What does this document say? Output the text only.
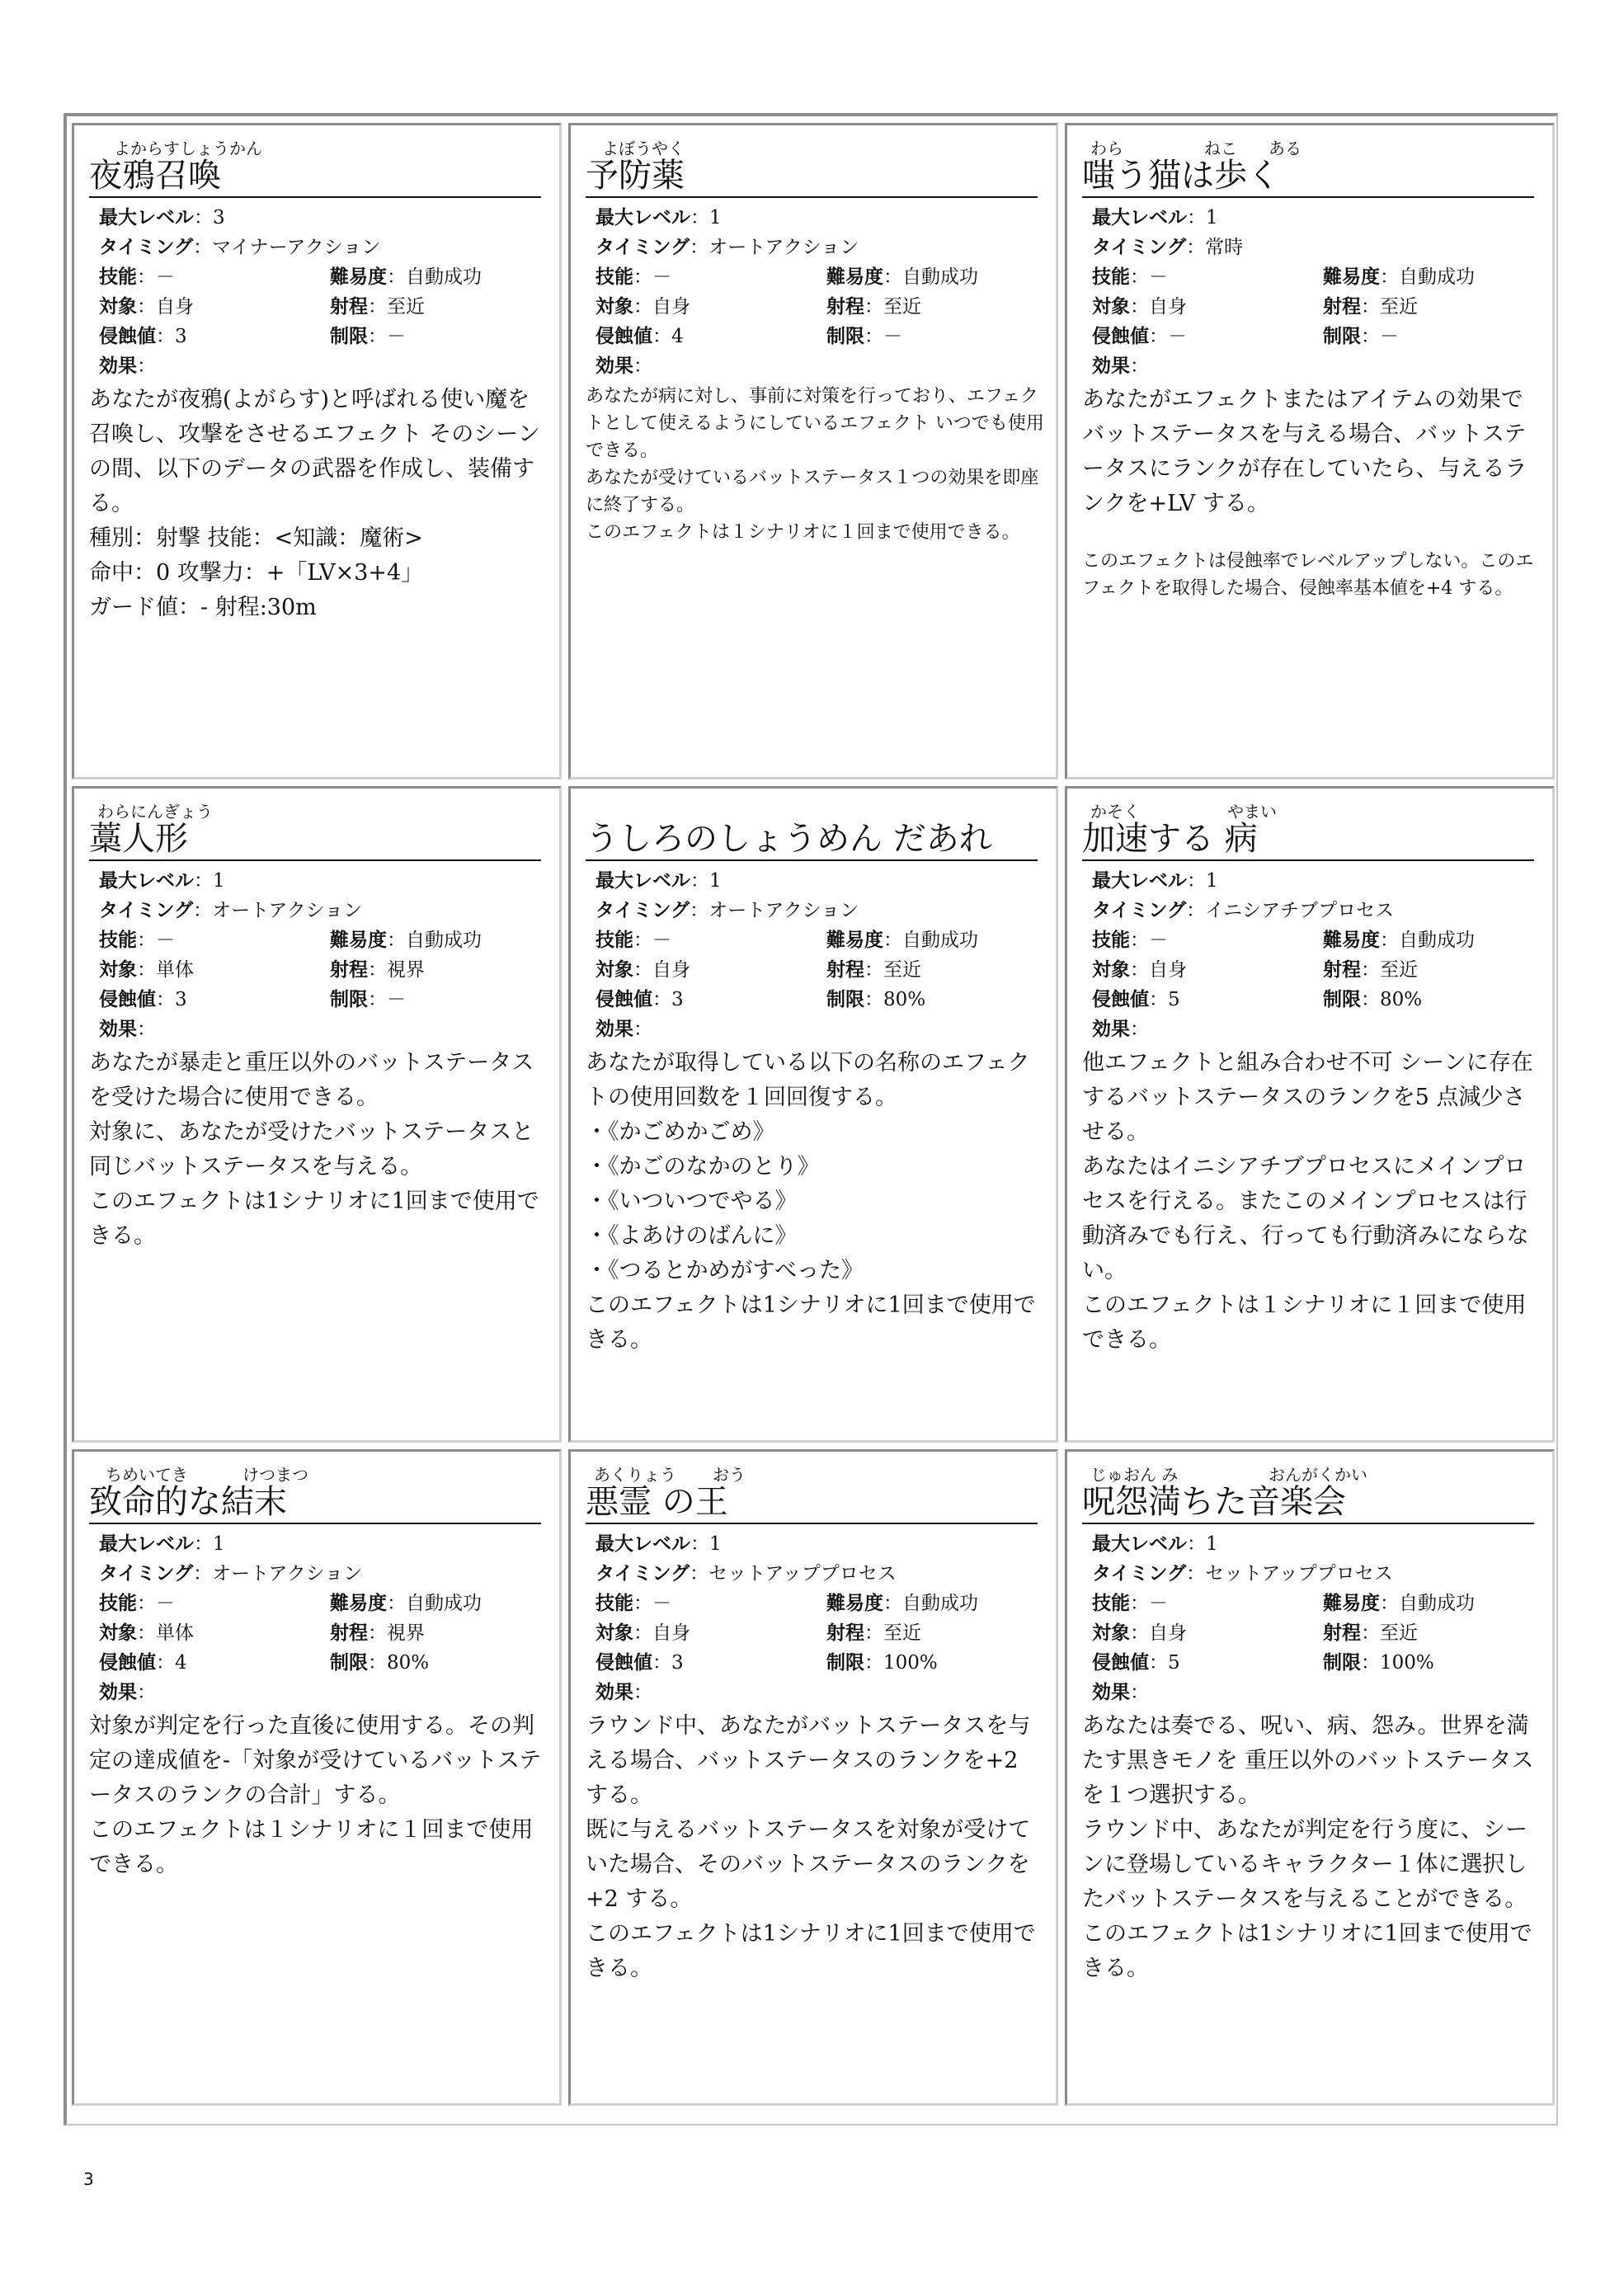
よからすしょうかん
夜鴉召喚
最大レベル：3
タイミング：マイナーアクション
技能：－	難易度：自動成功
対象：自身	射程：至近
侵蝕値：3	制限：－
効果：

あなたが夜鴉(よがらす)と呼ばれる使い魔を召喚し、攻撃をさせるエフェクト そのシーンの間、以下のデータの武器を作成し、装備する。

種別：射撃 技能：<知識：魔術>

命中：0 攻撃力：+「LV×3+4」

ガード値：- 射程:30m

よぼうやく
予防薬
最大レベル：1
タイミング：オートアクション
技能：－	難易度：自動成功
対象：自身	射程：至近
侵蝕値：4	制限：－
効果：

あなたが病に対し、事前に対策を行っており、エフェクトとして使えるようにしているエフェクト いつでも使用できる。

あなたが受けているバットステータス１つの効果を即座に終了する。

このエフェクトは１シナリオに１回まで使用できる。

わら	ねこ ある
嗤う猫は歩く
最大レベル：1
タイミング：常時
技能：－	難易度：自動成功
対象：自身	射程：至近
侵蝕値：－	制限：－
効果：

あなたがエフェクトまたはアイテムの効果でバットステータスを与える場合、バットステータスにランクが存在していたら、与えるランクを+LV する。

このエフェクトは侵蝕率でレベルアップしない。このエフェクトを取得した場合、侵蝕率基本値を+4 する。

わらにんぎょう
藁人形
最大レベル：1
タイミング：オートアクション
技能：－	難易度：自動成功
対象：単体	射程：視界
侵蝕値：3	制限：－
効果：

あなたが暴走と重圧以外のバットステータスを受けた場合に使用できる。

対象に、あなたが受けたバットステータスと同じバットステータスを与える。

このエフェクトは1シナリオに1回まで使用できる。

うしろのしょうめん だあれ
最大レベル：1
タイミング：オートアクション
技能：－	難易度：自動成功
対象：自身	射程：至近
侵蝕値：3	制限：80%
効果：

あなたが取得している以下の名称のエフェクトの使用回数を１回回復する。

・《かごめかごめ》

・《かごのなかのとり》

・《いついつでやる》

・《よあけのばんに》

・《つるとかめがすべった》

このエフェクトは1シナリオに1回まで使用できる。

かそく	やまい
加速する 病
最大レベル：1
タイミング：イニシアチブプロセス
技能：－	難易度：自動成功
対象：自身	射程：至近
侵蝕値：5	制限：80%
効果：

他エフェクトと組み合わせ不可 シーンに存在するバットステータスのランクを5 点減少させる。

あなたはイニシアチブプロセスにメインプロセスを行える。またこのメインプロセスは行動済みでも行え、行っても行動済みにならない。

このエフェクトは１シナリオに１回まで使用できる。

ちめいてき	けつまつ
致命的な結末
最大レベル：1
タイミング：オートアクション
技能：－	難易度：自動成功
対象：単体	射程：視界
侵蝕値：4	制限：80%
効果：

対象が判定を行った直後に使用する。その判定の達成値を-「対象が受けているバットステータスのランクの合計」する。

このエフェクトは１シナリオに１回まで使用できる。

あくりょう おう
悪霊 の王
最大レベル：1
タイミング：セットアッププロセス
技能：－	難易度：自動成功
対象：自身	射程：至近
侵蝕値：3	制限：100%
効果：

ラウンド中、あなたがバットステータスを与える場合、バットステータスのランクを+2 する。

既に与えるバットステータスを対象が受けていた場合、そのバットステータスのランクを+2 する。

このエフェクトは1シナリオに1回まで使用できる。

じゅおん み	おんがくかい
呪怨満ちた音楽会
最大レベル：1
タイミング：セットアッププロセス
技能：－	難易度：自動成功
対象：自身	射程：至近
侵蝕値：5	制限：100%
効果：

あなたは奏でる、呪い、病、怨み。世界を満たす黒きモノを 重圧以外のバットステータスを１つ選択する。

ラウンド中、あなたが判定を行う度に、シーンに登場しているキャラクター１体に選択したバットステータスを与えることができる。

このエフェクトは1シナリオに1回まで使用できる。

3
